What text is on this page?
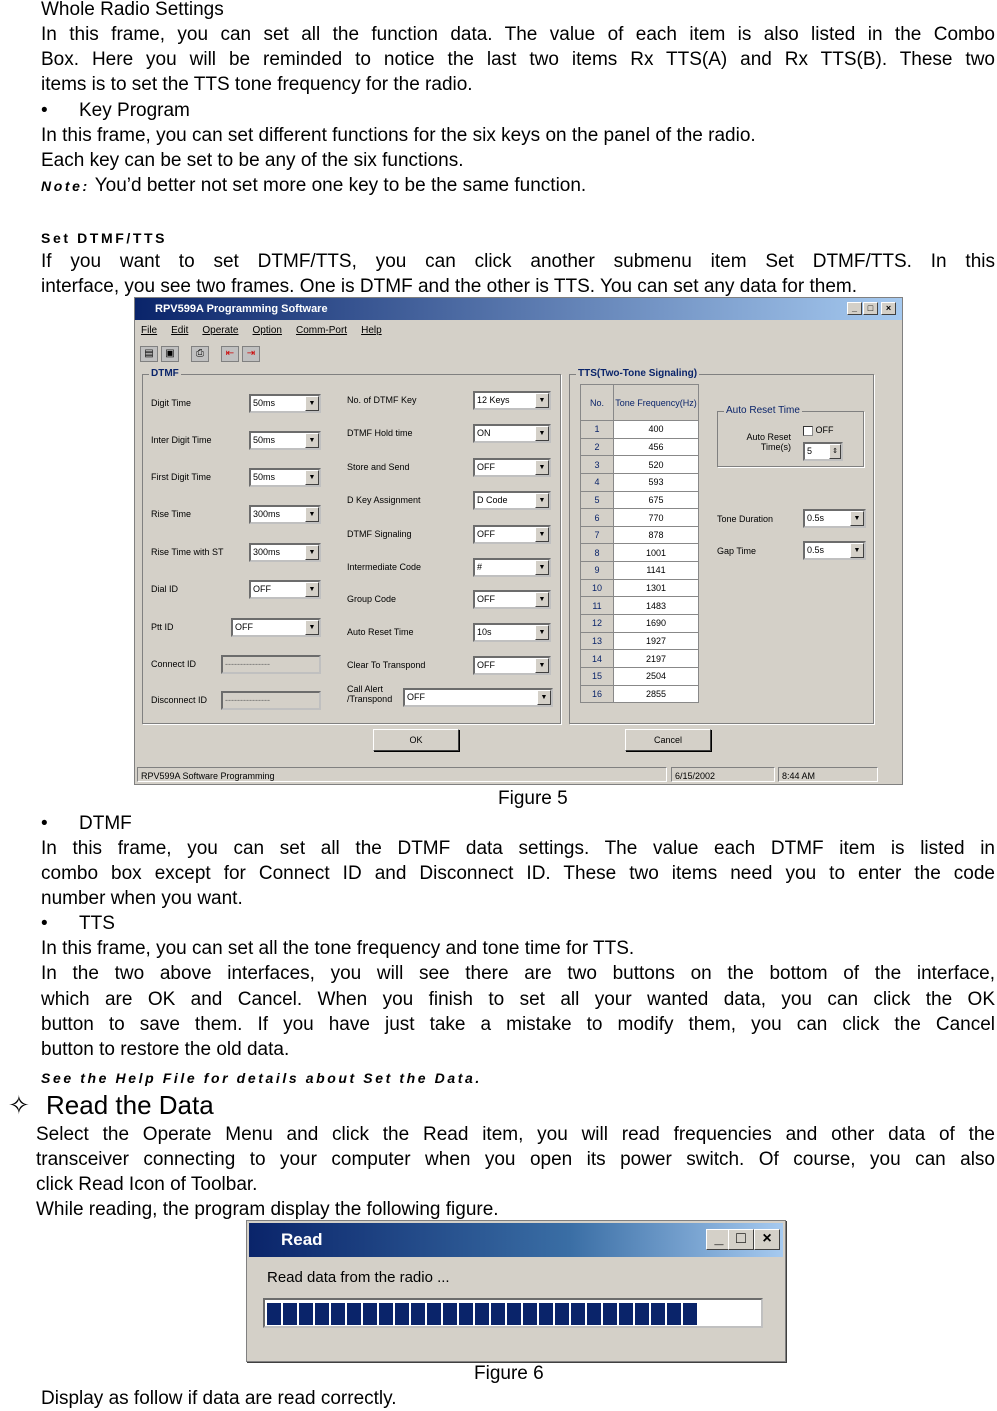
Whole Radio Settings
In this frame, you can set all the function data. The value of each item is also listed in the Combo
Box. Here you will be reminded to notice the last two items Rx TTS(A) and Rx TTS(B). These two
items is to set the TTS tone frequency for the radio.
• Key Program
In this frame, you can set different functions for the six keys on the panel of the radio.
Each key can be set to be any of the six functions.
Note: You’d better not set more one key to be the same function.
Set DTMF/TTS
If you want to set DTMF/TTS, you can click another submenu item Set DTMF/TTS. In this
interface, you see two frames. One is DTMF and the other is TTS. You can set any data for them.
RPV599A Programming Software	_	□	×
File Edit Operate Option Comm-Port Help
▤	▣	⎙	⇤	⇥
DTMF	TTS(Two-Tone Signaling)
No.	Tone Frequency(Hz)
1	400
2	456
3	520
4	593
5	675
6	770
7	878
8	1001
9	1141
10	1301
11	1483
12	1690
13	1927
14	2197
15	2504
16	2855
Auto Reset Time
OFF
Auto Reset Time(s)	5	⇕
Tone Duration	0.5s	▼
Gap Time	0.5s	▼
OK	Cancel
RPV599A Software Programming	6/15/2002	8:44 AM
Digit Time	50ms	▼
Inter Digit Time	50ms	▼
First Digit Time	50ms	▼
Rise Time	300ms	▼
Rise Time with ST	300ms	▼
Dial ID	OFF	▼
Ptt ID	OFF	▼
Connect ID	---------------
Disconnect ID	---------------
No. of DTMF Key	12 Keys	▼
DTMF Hold time	ON	▼
Store and Send	OFF	▼
D Key Assignment	D Code	▼
DTMF Signaling	OFF	▼
Intermediate Code	#	▼
Group Code	OFF	▼
Auto Reset Time	10s	▼
Clear To Transpond	OFF	▼
Call Alert /Transpond	OFF	▼
Figure 5
• DTMF
In this frame, you can set all the DTMF data settings. The value each DTMF item is listed in
combo box except for Connect ID and Disconnect ID. These two items need you to enter the code
number when you want.
• TTS
In this frame, you can set all the tone frequency and tone time for TTS.
In the two above interfaces, you will see there are two buttons on the bottom of the interface,
which are OK and Cancel. When you finish to set all your wanted data, you can click the OK
button to save them. If you have just take a mistake to modify them, you can click the Cancel
button to restore the old data.
See the Help File for details about Set the Data.
✧ Read the Data
Select the Operate Menu and click the Read item, you will read frequencies and other data of the
transceiver connecting to your computer when you open its power switch. Of course, you can also
click Read Icon of Toolbar.
While reading, the program display the following figure.
Read	_ □	×
Read data from the radio ...
Figure 6
Display as follow if data are read correctly.
